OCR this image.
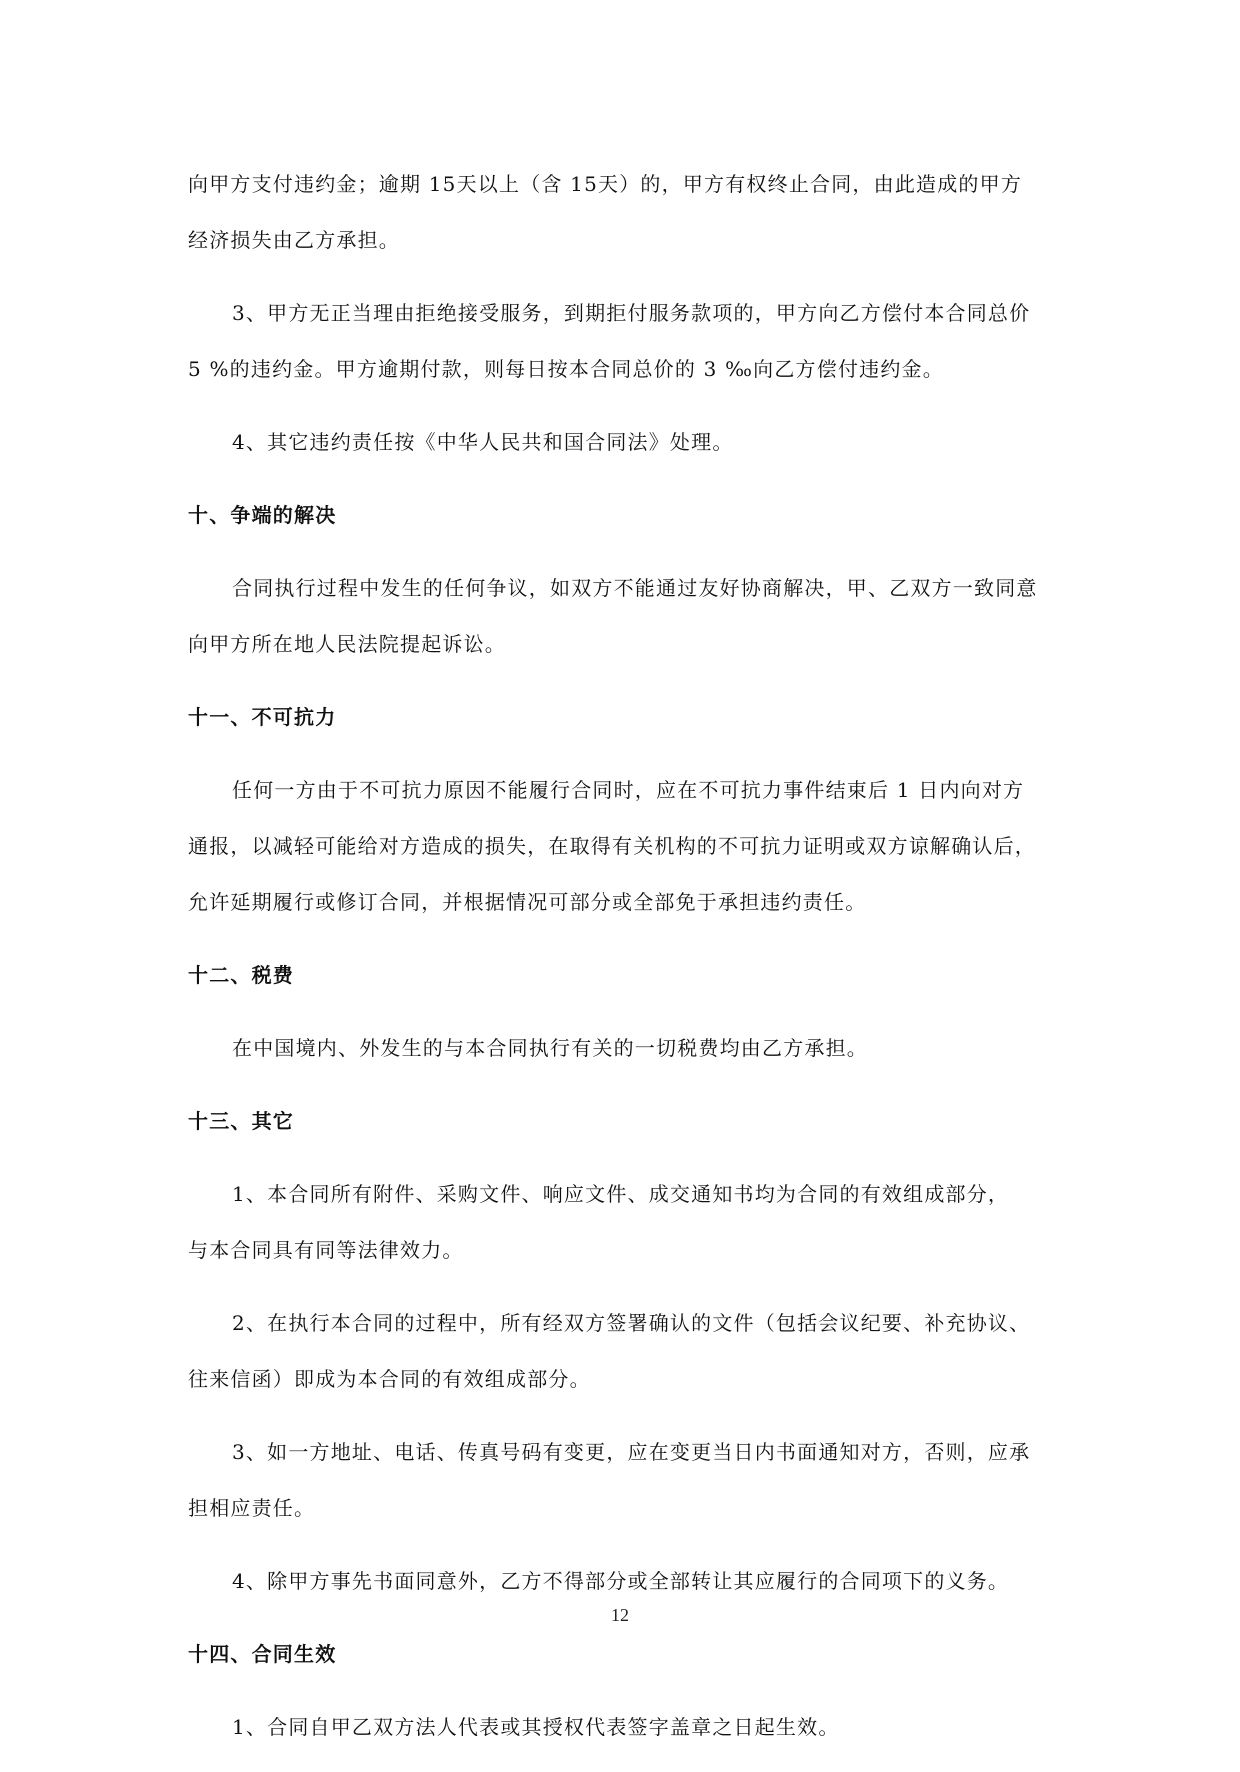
向甲方支付违约金；逾期 15天以上（含 15天）的，甲方有权终止合同，由此造成的甲方
经济损失由乙方承担。
3、甲方无正当理由拒绝接受服务，到期拒付服务款项的，甲方向乙方偿付本合同总价
5 %的违约金。甲方逾期付款，则每日按本合同总价的 3 ‰向乙方偿付违约金。
4、其它违约责任按《中华人民共和国合同法》处理。
十、争端的解决
合同执行过程中发生的任何争议，如双方不能通过友好协商解决，甲、乙双方一致同意
向甲方所在地人民法院提起诉讼。
十一、不可抗力
任何一方由于不可抗力原因不能履行合同时，应在不可抗力事件结束后 1 日内向对方
通报，以减轻可能给对方造成的损失，在取得有关机构的不可抗力证明或双方谅解确认后，
允许延期履行或修订合同，并根据情况可部分或全部免于承担违约责任。
十二、税费
在中国境内、外发生的与本合同执行有关的一切税费均由乙方承担。
十三、其它
1、本合同所有附件、采购文件、响应文件、成交通知书均为合同的有效组成部分，
与本合同具有同等法律效力。
2、在执行本合同的过程中，所有经双方签署确认的文件（包括会议纪要、补充协议、
往来信函）即成为本合同的有效组成部分。
3、如一方地址、电话、传真号码有变更，应在变更当日内书面通知对方，否则，应承
担相应责任。
4、除甲方事先书面同意外，乙方不得部分或全部转让其应履行的合同项下的义务。
十四、合同生效
1、合同自甲乙双方法人代表或其授权代表签字盖章之日起生效。
12
